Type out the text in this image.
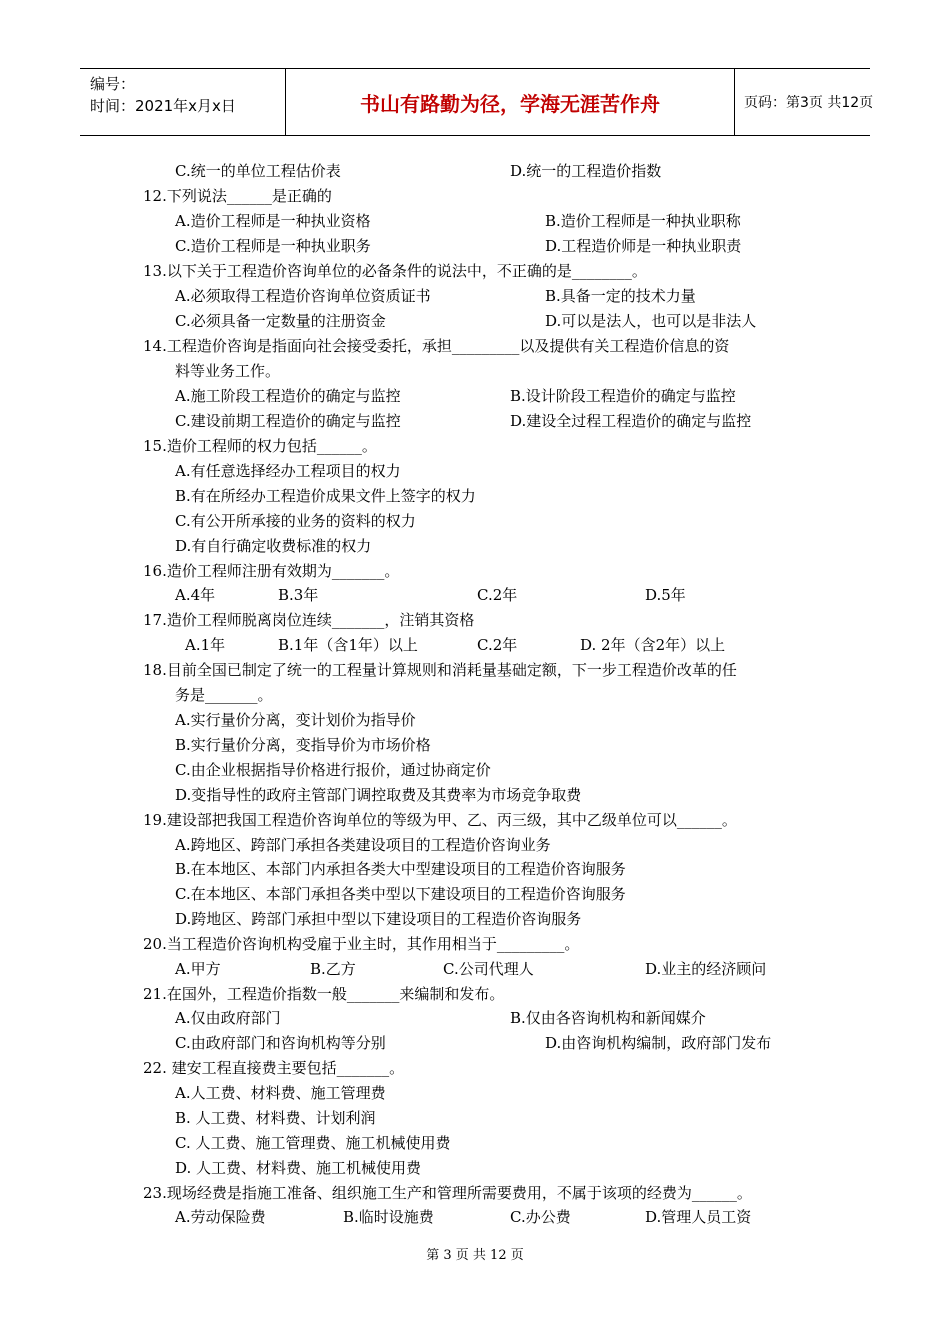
编号：
时间：2021年x月x日	书山有路勤为径，学海无涯苦作舟	页码：第3页 共12页
C.统一的单位工程估价表	D.统一的工程造价指数
12.下列说法______是正确的
A.造价工程师是一种执业资格	B.造价工程师是一种执业职称
C.造价工程师是一种执业职务	D.工程造价师是一种执业职责
13.以下关于工程造价咨询单位的必备条件的说法中，不正确的是________。
A.必须取得工程造价咨询单位资质证书	B.具备一定的技术力量
C.必须具备一定数量的注册资金	D.可以是法人，也可以是非法人
14.工程造价咨询是指面向社会接受委托，承担_________以及提供有关工程造价信息的资
料等业务工作。
A.施工阶段工程造价的确定与监控	B.设计阶段工程造价的确定与监控
C.建设前期工程造价的确定与监控	D.建设全过程工程造价的确定与监控
15.造价工程师的权力包括______。
A.有任意选择经办工程项目的权力
B.有在所经办工程造价成果文件上签字的权力
C.有公开所承接的业务的资料的权力
D.有自行确定收费标准的权力
16.造价工程师注册有效期为_______。
A.4年	B.3年	C.2年	D.5年
17.造价工程师脱离岗位连续_______，注销其资格
A.1年	B.1年（含1年）以上	C.2年	D. 2年（含2年）以上
18.目前全国已制定了统一的工程量计算规则和消耗量基础定额，下一步工程造价改革的任
务是_______。
A.实行量价分离，变计划价为指导价
B.实行量价分离，变指导价为市场价格
C.由企业根据指导价格进行报价，通过协商定价
D.变指导性的政府主管部门调控取费及其费率为市场竞争取费
19.建设部把我国工程造价咨询单位的等级为甲、乙、丙三级，其中乙级单位可以______。
A.跨地区、跨部门承担各类建设项目的工程造价咨询业务
B.在本地区、本部门内承担各类大中型建设项目的工程造价咨询服务
C.在本地区、本部门承担各类中型以下建设项目的工程造价咨询服务
D.跨地区、跨部门承担中型以下建设项目的工程造价咨询服务
20.当工程造价咨询机构受雇于业主时，其作用相当于_________。
A.甲方	B.乙方	C.公司代理人	D.业主的经济顾问
21.在国外，工程造价指数一般_______来编制和发布。
A.仅由政府部门	B.仅由各咨询机构和新闻媒介
C.由政府部门和咨询机构等分别	D.由咨询机构编制，政府部门发布
22. 建安工程直接费主要包括_______。
A.人工费、材料费、施工管理费
B. 人工费、材料费、计划利润
C. 人工费、施工管理费、施工机械使用费
D. 人工费、材料费、施工机械使用费
23.现场经费是指施工准备、组织施工生产和管理所需要费用，不属于该项的经费为______。
A.劳动保险费	B.临时设施费	C.办公费	D.管理人员工资
第 3 页 共 12 页
